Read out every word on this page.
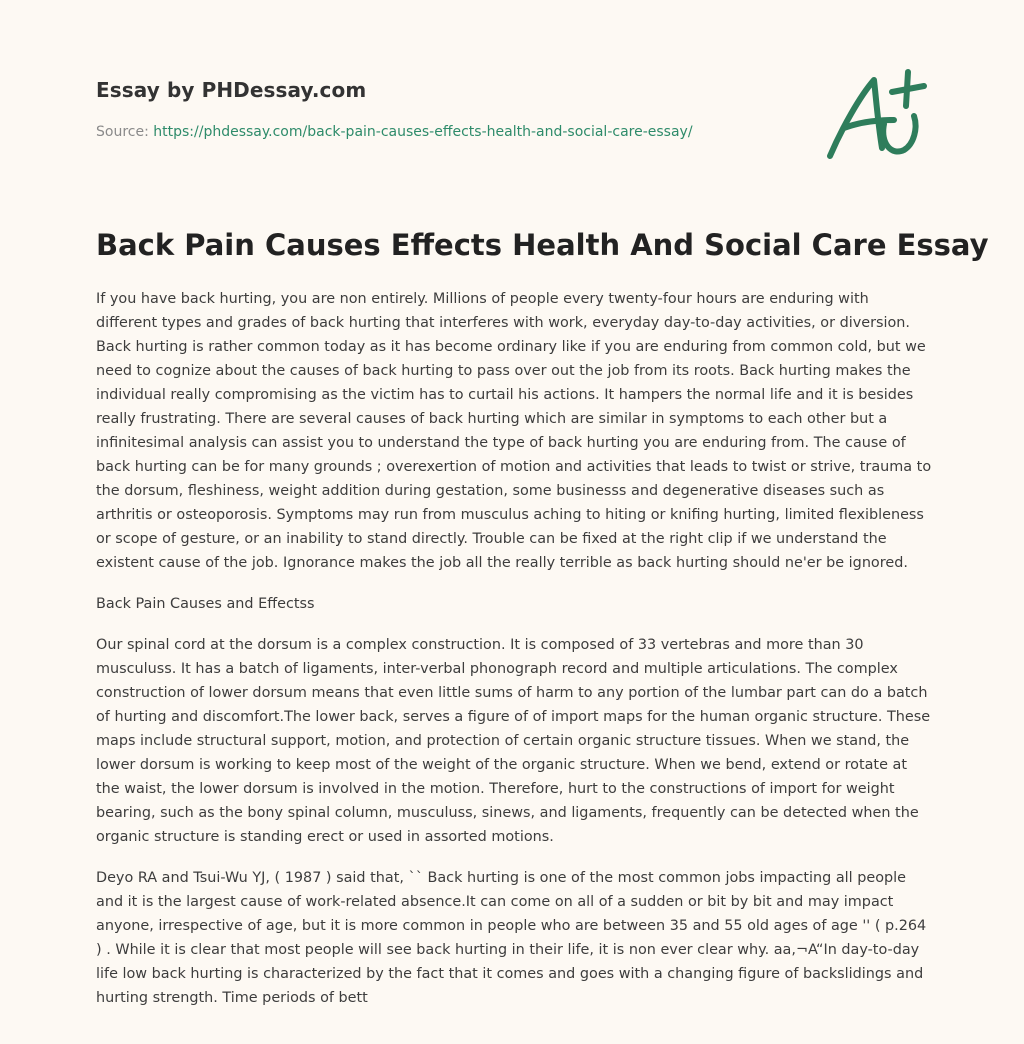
Essay by PHDessay.com
Source: https://phdessay.com/back-pain-causes-effects-health-and-social-care-essay/
Back Pain Causes Effects Health And Social Care Essay

If you have back hurting, you are non entirely. Millions of people every twenty-four hours are enduring with different types and grades of back hurting that interferes with work, everyday day-to-day activities, or diversion. Back hurting is rather common today as it has become ordinary like if you are enduring from common cold, but we need to cognize about the causes of back hurting to pass over out the job from its roots. Back hurting makes the individual really compromising as the victim has to curtail his actions. It hampers the normal life and it is besides really frustrating. There are several causes of back hurting which are similar in symptoms to each other but a infinitesimal analysis can assist you to understand the type of back hurting you are enduring from. The cause of back hurting can be for many grounds ; overexertion of motion and activities that leads to twist or strive, trauma to the dorsum, fleshiness, weight addition during gestation, some businesss and degenerative diseases such as arthritis or osteoporosis. Symptoms may run from musculus aching to hiting or knifing hurting, limited flexibleness or scope of gesture, or an inability to stand directly. Trouble can be fixed at the right clip if we understand the existent cause of the job. Ignorance makes the job all the really terrible as back hurting should ne'er be ignored.

Back Pain Causes and Effectss

Our spinal cord at the dorsum is a complex construction. It is composed of 33 vertebras and more than 30 musculuss. It has a batch of ligaments, inter-verbal phonograph record and multiple articulations. The complex construction of lower dorsum means that even little sums of harm to any portion of the lumbar part can do a batch of hurting and discomfort.The lower back, serves a figure of of import maps for the human organic structure. These maps include structural support, motion, and protection of certain organic structure tissues. When we stand, the lower dorsum is working to keep most of the weight of the organic structure. When we bend, extend or rotate at the waist, the lower dorsum is involved in the motion. Therefore, hurt to the constructions of import for weight bearing, such as the bony spinal column, musculuss, sinews, and ligaments, frequently can be detected when the organic structure is standing erect or used in assorted motions.

Deyo RA and Tsui-Wu YJ, ( 1987 ) said that, `` Back hurting is one of the most common jobs impacting all people and it is the largest cause of work-related absence.It can come on all of a sudden or bit by bit and may impact anyone, irrespective of age, but it is more common in people who are between 35 and 55 old ages of age '' ( p.264 ) . While it is clear that most people will see back hurting in their life, it is non ever clear why. aa,¬A“In day-to-day life low back hurting is characterized by the fact that it comes and goes with a changing figure of backslidings and hurting strength. Time periods of bett
